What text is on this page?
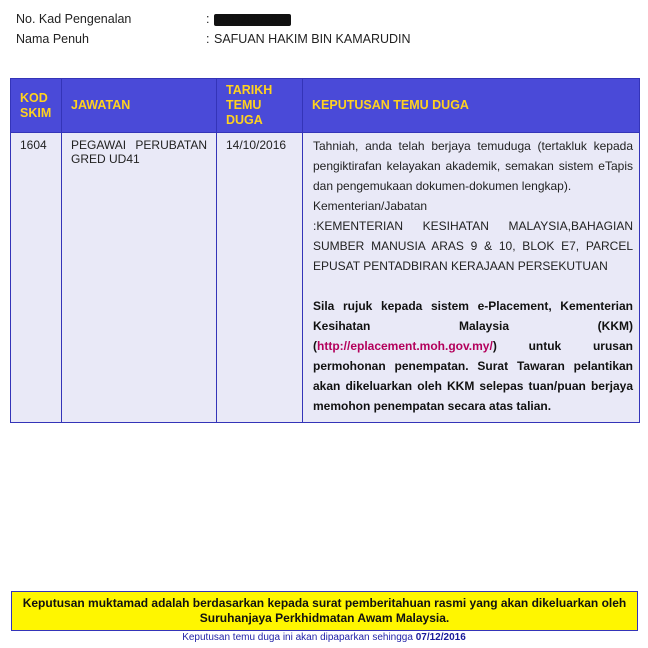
No. Kad Pengenalan	: 900320075826
Nama Penuh	: SAFUAN HAKIM BIN KAMARUDIN
KOD SKIM	JAWATAN	TARIKH TEMU DUGA	KEPUTUSAN TEMU DUGA
1604	PEGAWAI PERUBATAN GRED UD41	14/10/2016	Tahniah, anda telah berjaya temuduga (tertakluk kepada pengiktirafan kelayakan akademik, semakan sistem eTapis dan pengemukaan dokumen-dokumen lengkap).

Kementerian/Jabatan

:KEMENTERIAN KESIHATAN MALAYSIA,BAHAGIAN SUMBER MANUSIA ARAS 9 & 10, BLOK E7, PARCEL EPUSAT PENTADBIRAN KERAJAAN PERSEKUTUAN

Sila rujuk kepada sistem e-Placement, Kementerian Kesihatan Malaysia (KKM) (http://eplacement.moh.gov.my/) untuk urusan permohonan penempatan. Surat Tawaran pelantikan akan dikeluarkan oleh KKM selepas tuan/puan berjaya memohon penempatan secara atas talian.

Keputusan muktamad adalah berdasarkan kepada surat pemberitahuan rasmi yang akan dikeluarkan oleh Suruhanjaya Perkhidmatan Awam Malaysia.
Keputusan temu duga ini akan dipaparkan sehingga 07/12/2016
